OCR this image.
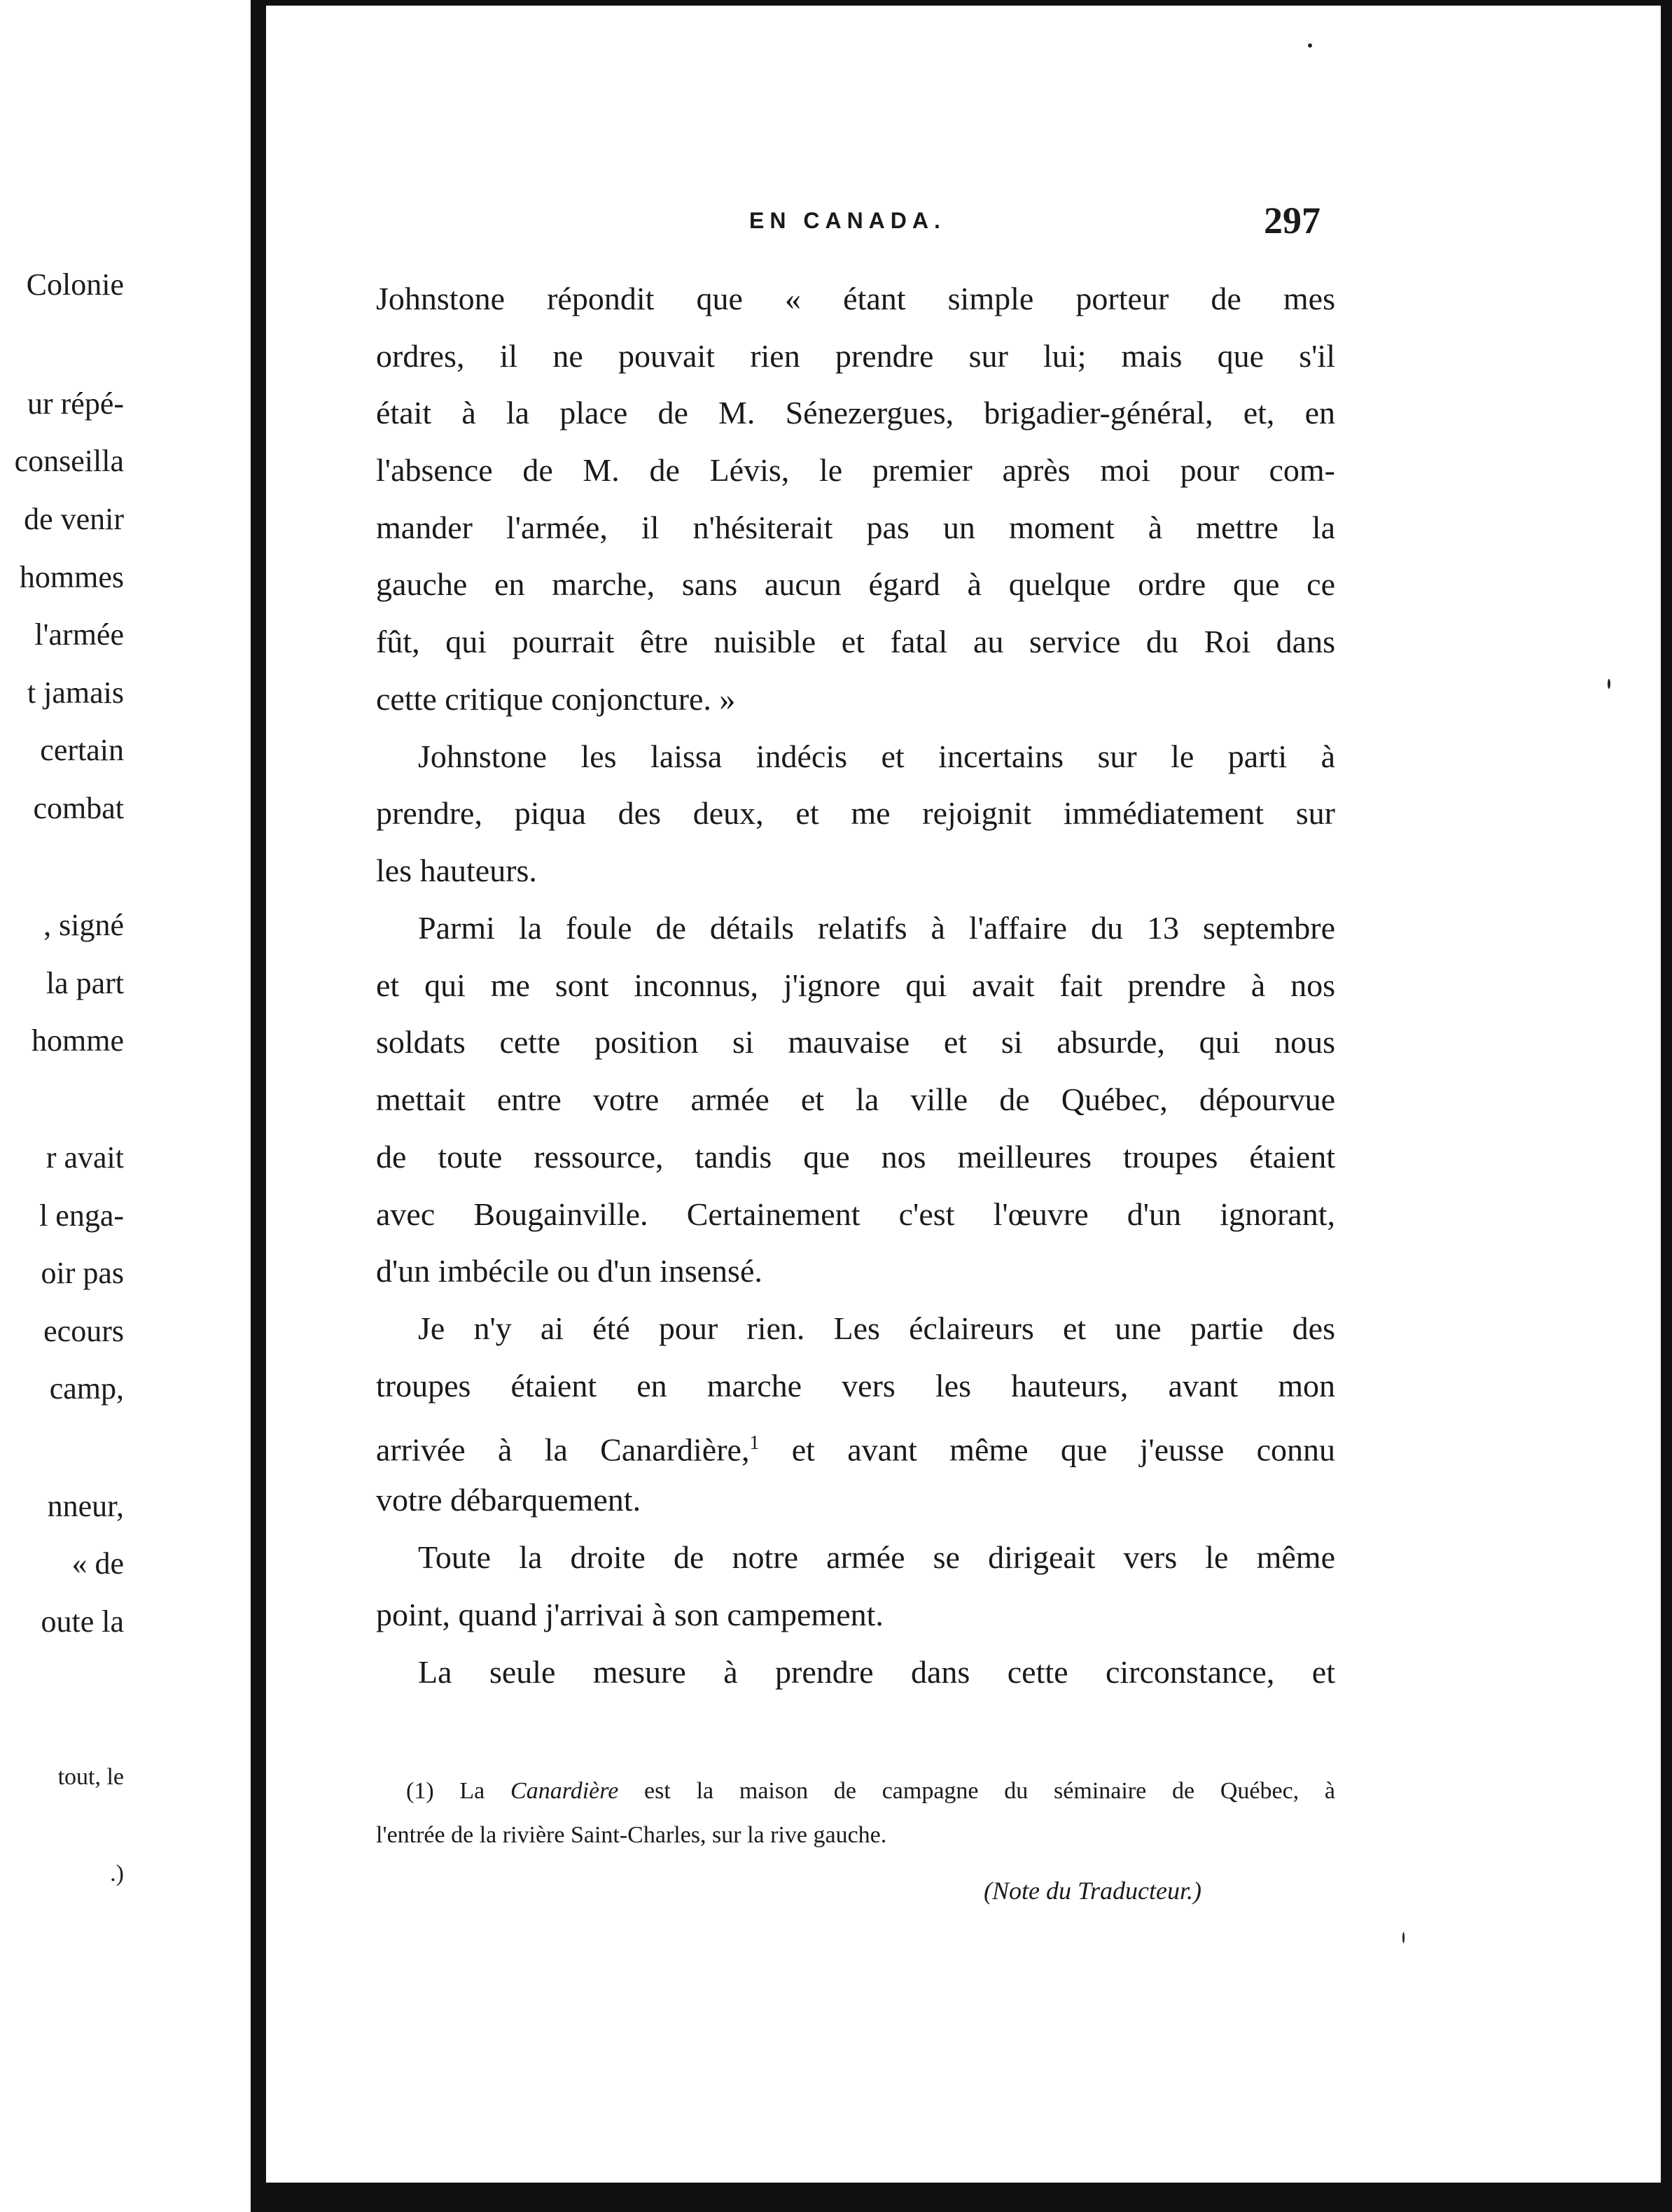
Colonie
ur répé-
conseilla
de venir
hommes
l'armée
t jamais
certain
combat
, signé
la part
homme
r avait
l enga-
oir pas
ecours
camp,
nneur,
« de
oute la
tout, le
.)
EN CANADA.	297
Johnstone répondit que « étant simple porteur de mes
ordres, il ne pouvait rien prendre sur lui; mais que s'il
était à la place de M. Sénezergues, brigadier-général, et, en
l'absence de M. de Lévis, le premier après moi pour com-
mander l'armée, il n'hésiterait pas un moment à mettre la
gauche en marche, sans aucun égard à quelque ordre que ce
fût, qui pourrait être nuisible et fatal au service du Roi dans
cette critique conjoncture. »
Johnstone les laissa indécis et incertains sur le parti à
prendre, piqua des deux, et me rejoignit immédiatement sur
les hauteurs.
Parmi la foule de détails relatifs à l'affaire du 13 septembre
et qui me sont inconnus, j'ignore qui avait fait prendre à nos
soldats cette position si mauvaise et si absurde, qui nous
mettait entre votre armée et la ville de Québec, dépourvue
de toute ressource, tandis que nos meilleures troupes étaient
avec Bougainville. Certainement c'est l'œuvre d'un ignorant,
d'un imbécile ou d'un insensé.
Je n'y ai été pour rien. Les éclaireurs et une partie des
troupes étaient en marche vers les hauteurs, avant mon
arrivée à la Canardière,$^1$ et avant même que j'eusse connu
votre débarquement.
Toute la droite de notre armée se dirigeait vers le même
point, quand j'arrivai à son campement.
La seule mesure à prendre dans cette circonstance, et
(1) La Canardière est la maison de campagne du séminaire de Québec, à
l'entrée de la rivière Saint-Charles, sur la rive gauche.
(Note du Traducteur.)
